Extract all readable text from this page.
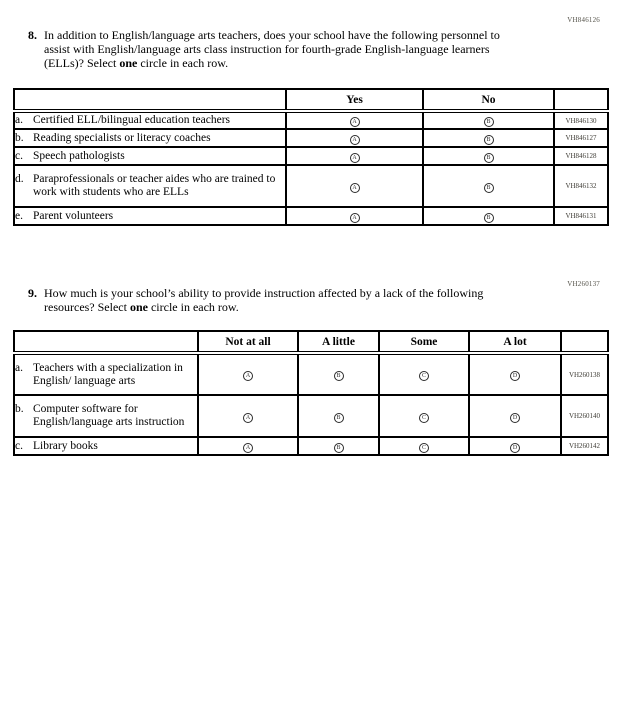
VH846126
8. In addition to English/language arts teachers, does your school have the following personnel to assist with English/language arts class instruction for fourth-grade English-language learners (ELLs)? Select one circle in each row.
	Yes	No	

a. Certified ELL/bilingual education teachers	A	B	VH846130

b. Reading specialists or literacy coaches	A	B	VH846127

c. Speech pathologists	A	B	VH846128

d. Paraprofessionals or teacher aides who are trained to work with students who are ELLs	A	B	VH846132

e. Parent volunteers	A	B	VH846131
VH260137
9. How much is your school’s ability to provide instruction affected by a lack of the following resources? Select one circle in each row.
	Not at all	A little	Some	A lot	

a. Teachers with a specialization in English/ language arts	A	B	C	D	VH260138

b. Computer software for English/language arts instruction	A	B	C	D	VH260140

c. Library books	A	B	C	D	VH260142
